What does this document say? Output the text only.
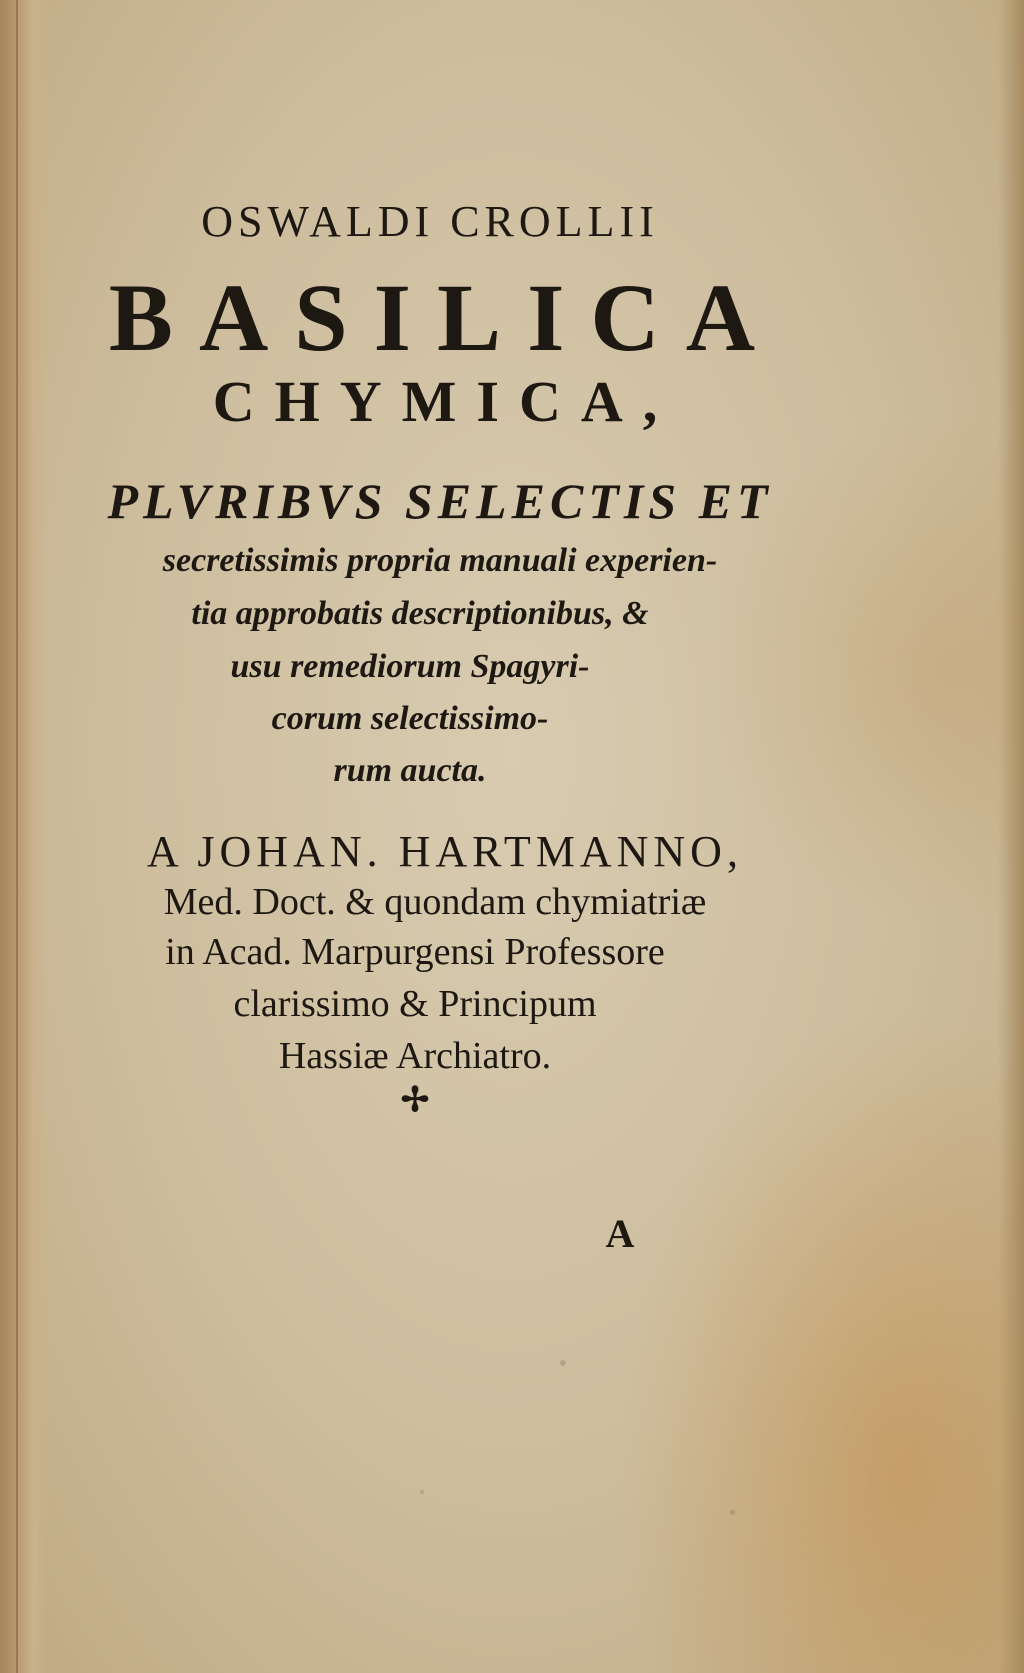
OSWALDI CROLLII
BASILICA
CHYMICA,
PLVRIBVS SELECTIS ET
secretissimis propria manuali experien-
tia approbatis descriptionibus, &
usu remediorum Spagyri-
corum selectissimo-
rum aucta.
A JOHAN. HARTMANNO,
Med. Doct. & quondam chymiatriæ
in Acad. Marpurgensi Professore
clarissimo & Principum
Hassiæ Archiatro.
✢
A
